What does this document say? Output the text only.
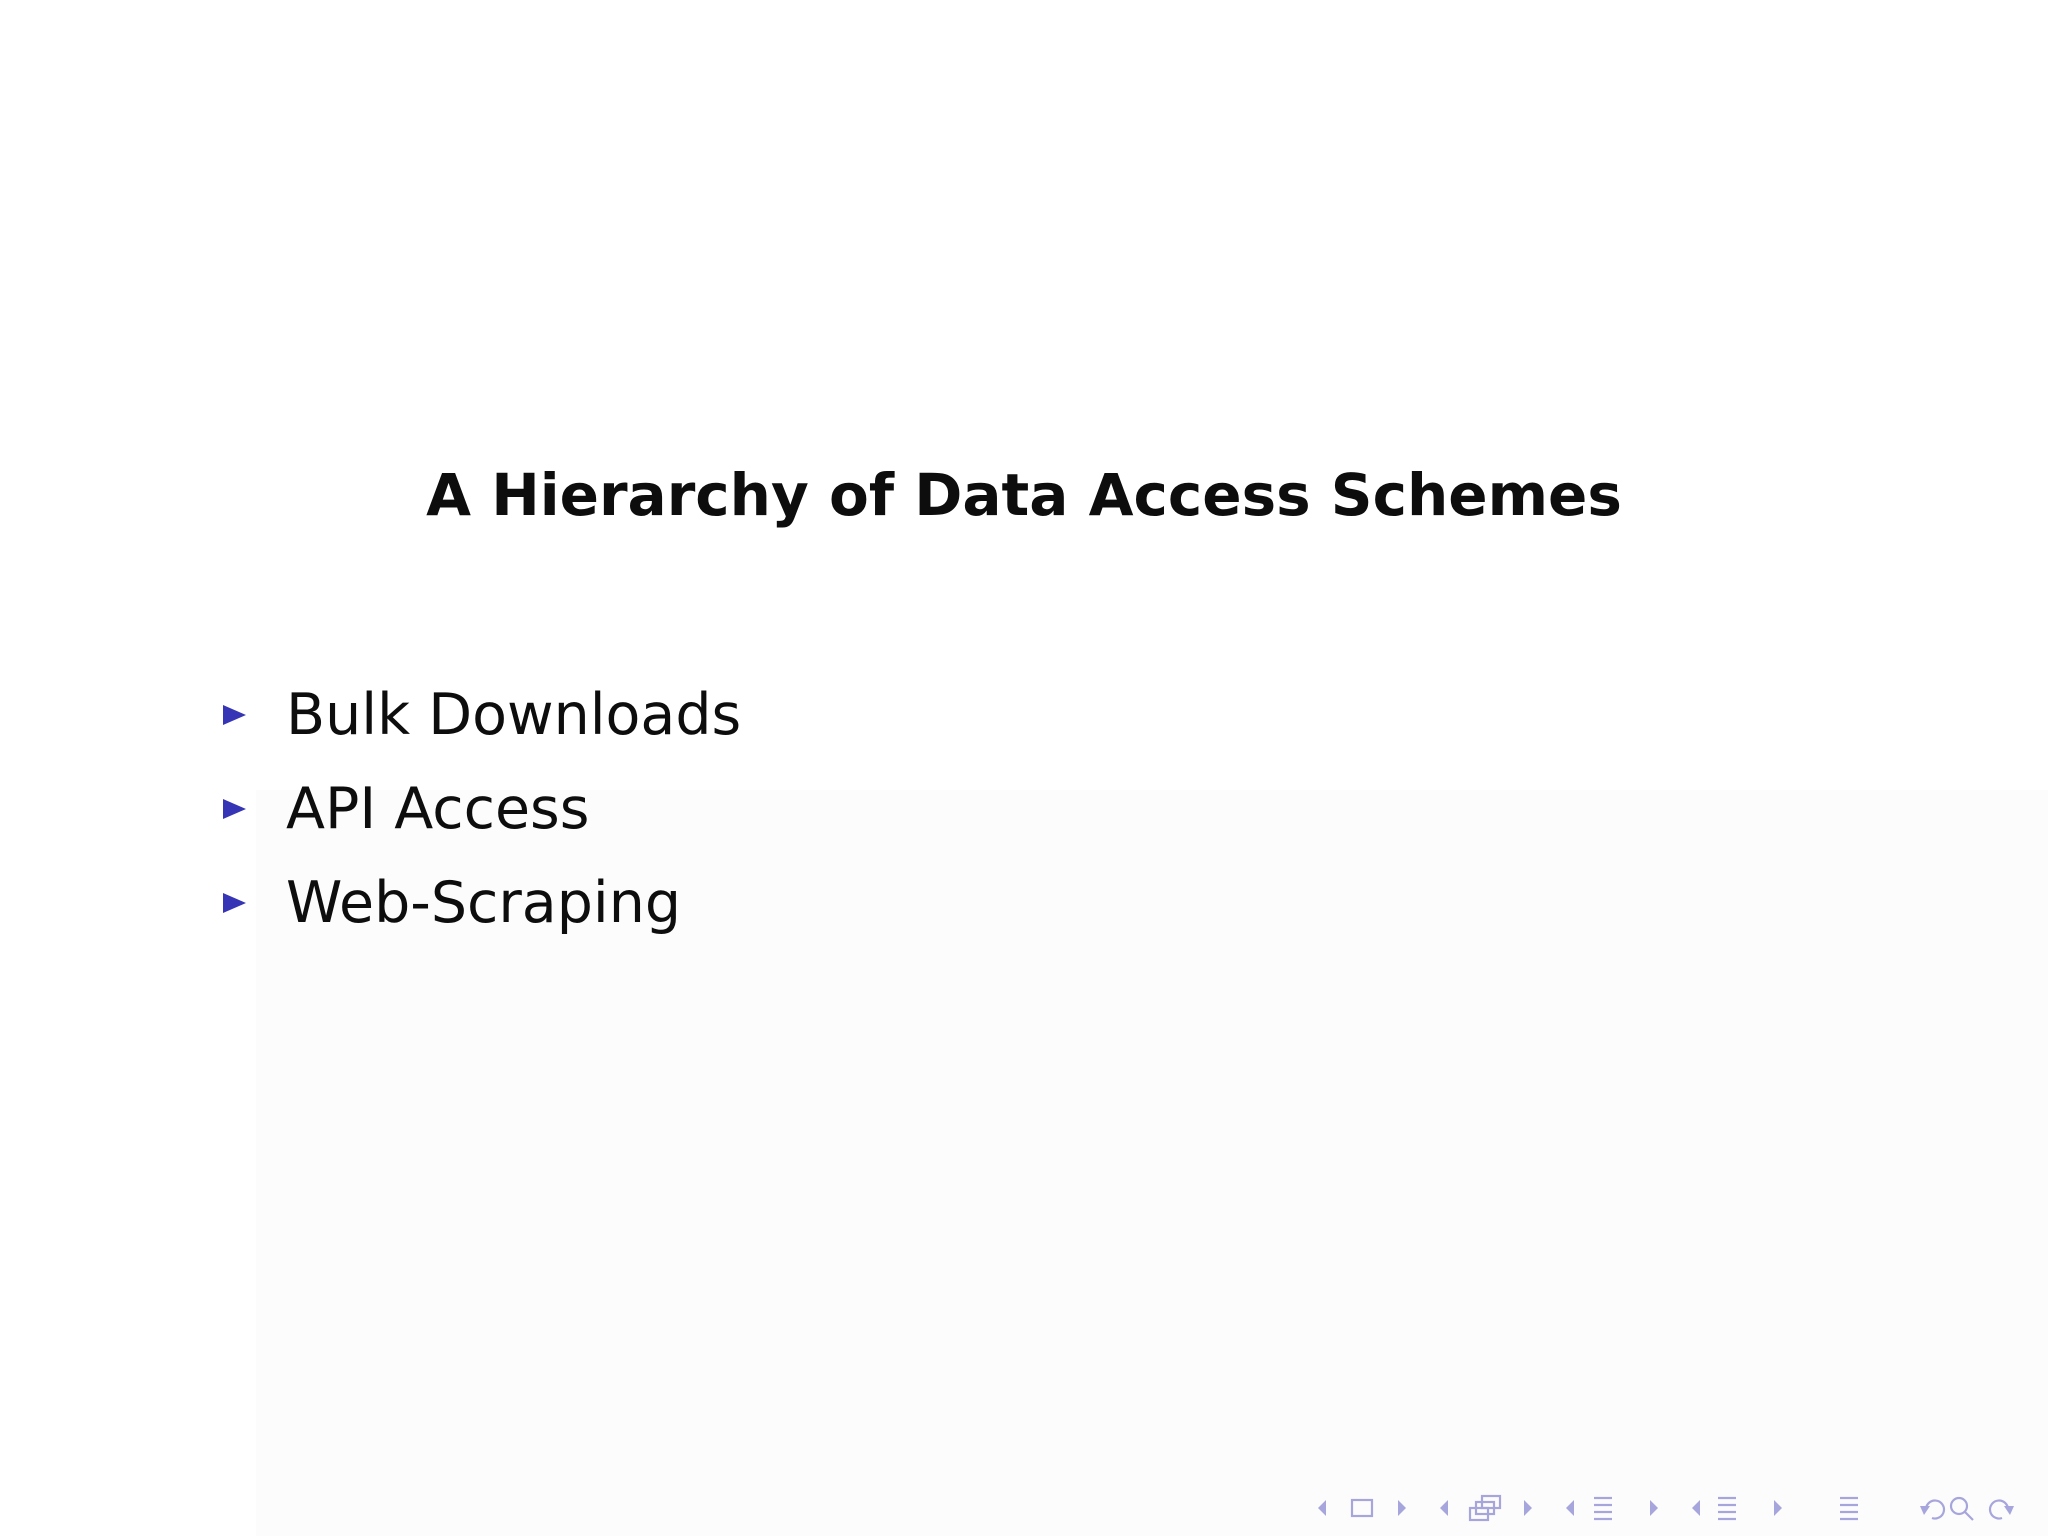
A Hierarchy of Data Access Schemes
Bulk Downloads
API Access
Web-Scraping
